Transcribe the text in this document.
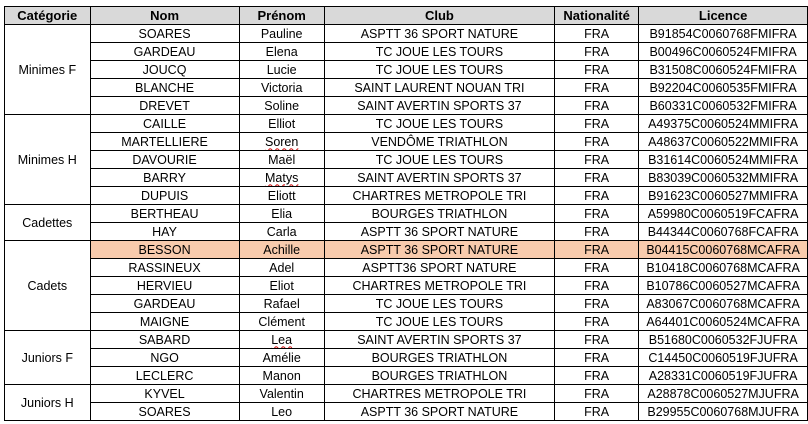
Catégorie	Nom	Prénom	Club	Nationalité	Licence
Minimes F	SOARES	Pauline	ASPTT 36 SPORT NATURE	FRA	B91854C0060768FMIFRA
	GARDEAU	Elena	TC JOUE LES TOURS	FRA	B00496C0060524FMIFRA
	JOUCQ	Lucie	TC JOUE LES TOURS	FRA	B31508C0060524FMIFRA
	BLANCHE	Victoria	SAINT LAURENT NOUAN TRI	FRA	B92204C0060535FMIFRA
	DREVET	Soline	SAINT AVERTIN SPORTS 37	FRA	B60331C0060532FMIFRA
Minimes H	CAILLE	Elliot	TC JOUE LES TOURS	FRA	A49375C0060524MMIFRA
	MARTELLIERE	Soren	VENDÔME TRIATHLON	FRA	A48637C0060522MMIFRA
	DAVOURIE	Maël	TC JOUE LES TOURS	FRA	B31614C0060524MMIFRA
	BARRY	Matys	SAINT AVERTIN SPORTS 37	FRA	B83039C0060532MMIFRA
	DUPUIS	Eliott	CHARTRES METROPOLE TRI	FRA	B91623C0060527MMIFRA
Cadettes	BERTHEAU	Elia	BOURGES TRIATHLON	FRA	A59980C0060519FCAFRA
	HAY	Carla	ASPTT 36 SPORT NATURE	FRA	B44344C0060768FCAFRA
Cadets	BESSON	Achille	ASPTT 36 SPORT NATURE	FRA	B04415C0060768MCAFRA
	RASSINEUX	Adel	ASPTT36 SPORT NATURE	FRA	B10418C0060768MCAFRA
	HERVIEU	Eliot	CHARTRES METROPOLE TRI	FRA	B10786C0060527MCAFRA
	GARDEAU	Rafael	TC JOUE LES TOURS	FRA	A83067C0060768MCAFRA
	MAIGNE	Clément	TC JOUE LES TOURS	FRA	A64401C0060524MCAFRA
Juniors F	SABARD	Lea	SAINT AVERTIN SPORTS 37	FRA	B51680C0060532FJUFRA
	NGO	Amélie	BOURGES TRIATHLON	FRA	C14450C0060519FJUFRA
	LECLERC	Manon	BOURGES TRIATHLON	FRA	A28331C0060519FJUFRA
Juniors H	KYVEL	Valentin	CHARTRES METROPOLE TRI	FRA	A28878C0060527MJUFRA
	SOARES	Leo	ASPTT 36 SPORT NATURE	FRA	B29955C0060768MJUFRA
